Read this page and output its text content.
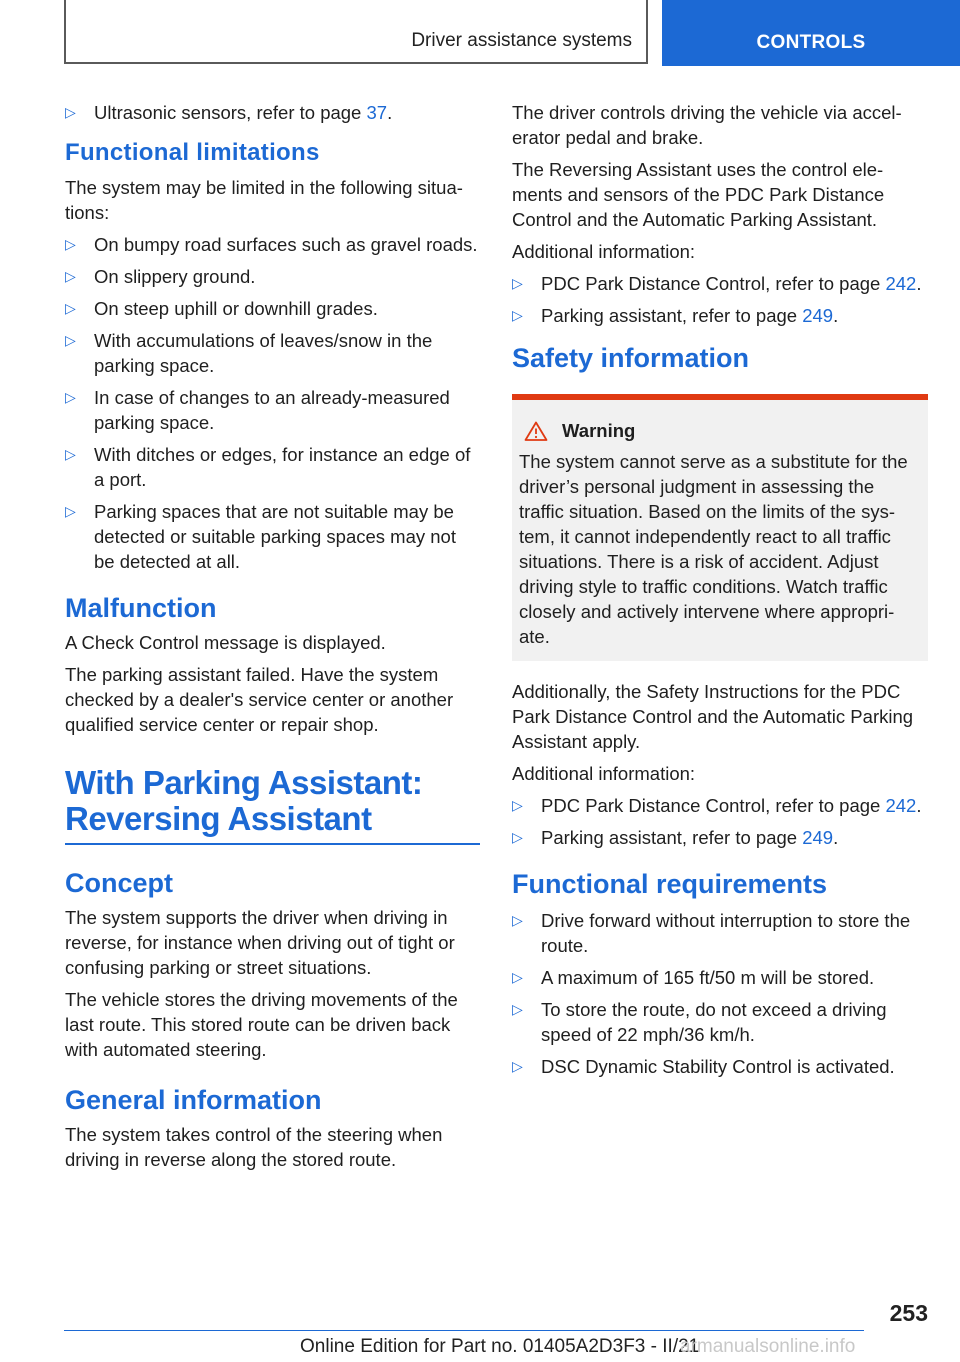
Driver assistance systems	CONTROLS
▷ Ultrasonic sensors, refer to page 37.
Functional limitations

The system may be limited in the following situa‐tions:

▷ On bumpy road surfaces such as gravel roads.
▷ On slippery ground.
▷ On steep uphill or downhill grades.
▷ With accumulations of leaves/snow in the parking space.
▷ In case of changes to an already-measured parking space.
▷ With ditches or edges, for instance an edge of a port.
▷ Parking spaces that are not suitable may be detected or suitable parking spaces may not be detected at all.
Malfunction

A Check Control message is displayed.

The parking assistant failed. Have the system checked by a dealer's service center or another qualified service center or repair shop.

With Parking Assistant: Reversing Assistant
Concept

The system supports the driver when driving in reverse, for instance when driving out of tight or confusing parking or street situations.

The vehicle stores the driving movements of the last route. This stored route can be driven back with automated steering.

General information

The system takes control of the steering when driving in reverse along the stored route.

The driver controls driving the vehicle via accel‐erator pedal and brake.

The Reversing Assistant uses the control ele‐ments and sensors of the PDC Park Distance Control and the Automatic Parking Assistant.

Additional information:

▷ PDC Park Distance Control, refer to page 242.
▷ Parking assistant, refer to page 249.
Safety information
Warning

The system cannot serve as a substitute for the driver’s personal judgment in assessing the traffic situation. Based on the limits of the sys‐tem, it cannot independently react to all traffic situations. There is a risk of accident. Adjust driving style to traffic conditions. Watch traffic closely and actively intervene where appropri‐ate.

Additionally, the Safety Instructions for the PDC Park Distance Control and the Automatic Parking Assistant apply.

Additional information:

▷ PDC Park Distance Control, refer to page 242.
▷ Parking assistant, refer to page 249.
Functional requirements
▷ Drive forward without interruption to store the route.
▷ A maximum of 165 ft/50 m will be stored.
▷ To store the route, do not exceed a driving speed of 22 mph/36 km/h.
▷ DSC Dynamic Stability Control is activated.
253
Online Edition for Part no. 01405A2D3F3 - II/21
armanualsonline.info
